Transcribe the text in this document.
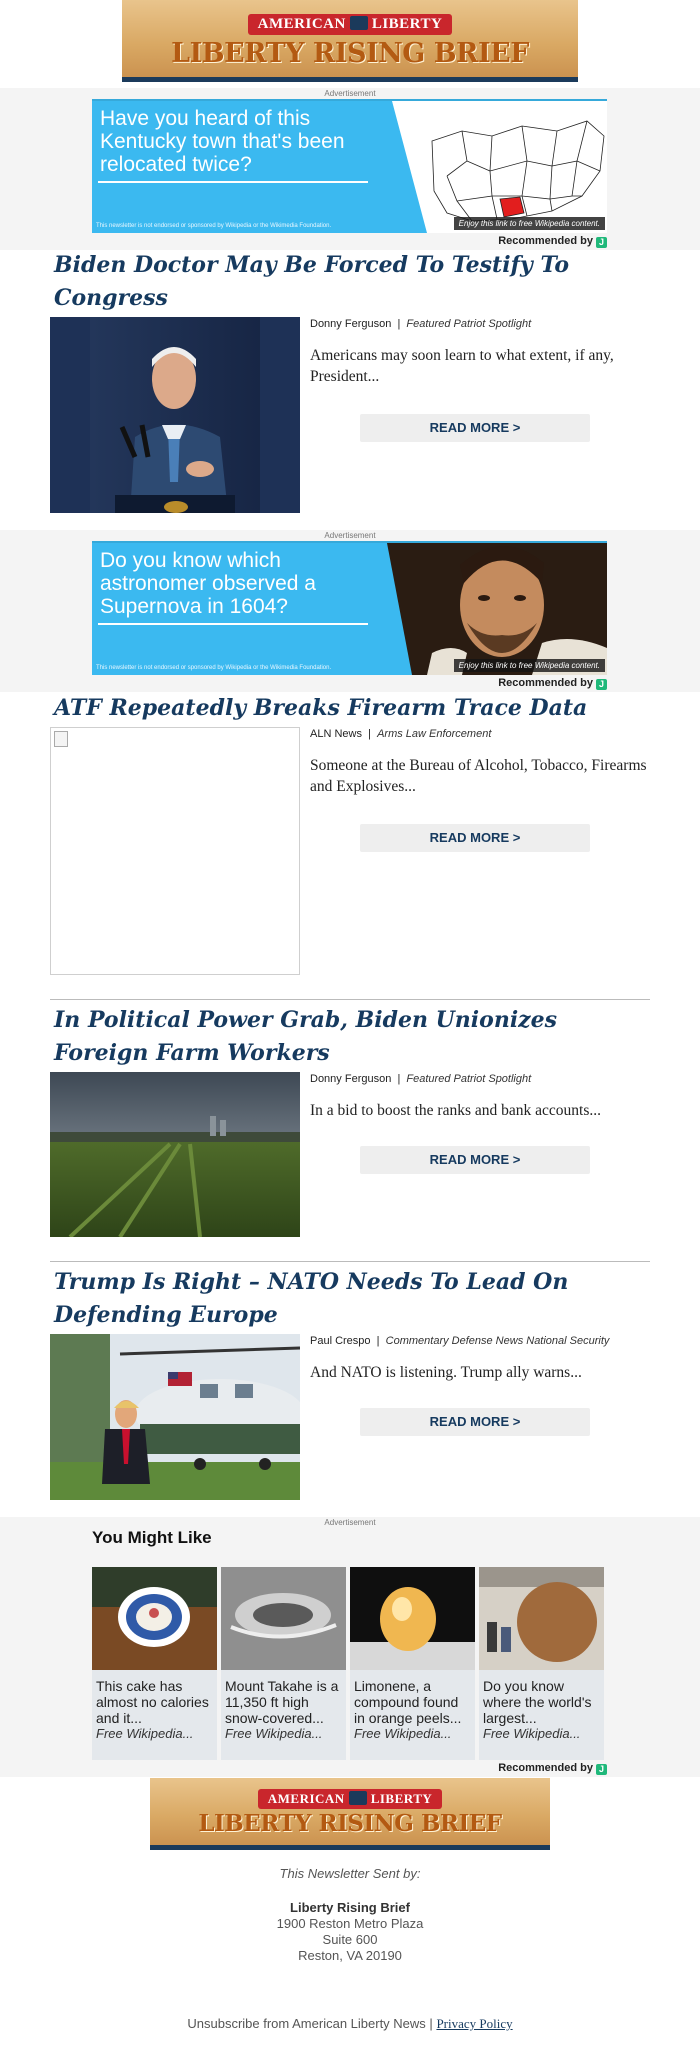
AMERICAN LIBERTY
LIBERTY RISING BRIEF
Advertisement
Have you heard of this Kentucky town that's been relocated twice?
This newsletter is not endorsed or sponsored by Wikipedia or the Wikimedia Foundation.	Enjoy this link to free Wikipedia content.
Recommended by J
Biden Doctor May Be Forced To Testify To Congress
Donny Ferguson  |  Featured Patriot Spotlight
Americans may soon learn to what extent, if any, President...
READ MORE >
Advertisement
Do you know which astronomer observed a Supernova in 1604?
This newsletter is not endorsed or sponsored by Wikipedia or the Wikimedia Foundation.	Enjoy this link to free Wikipedia content.
Recommended by J
ATF Repeatedly Breaks Firearm Trace Data
ALN News  |  Arms Law Enforcement
Someone at the Bureau of Alcohol, Tobacco, Firearms and Explosives...
READ MORE >
In Political Power Grab, Biden Unionizes Foreign Farm Workers
Donny Ferguson  |  Featured Patriot Spotlight
In a bid to boost the ranks and bank accounts...
READ MORE >
Trump Is Right – NATO Needs To Lead On Defending Europe
Paul Crespo  |  Commentary Defense News National Security
And NATO is listening. Trump ally warns...
READ MORE >
Advertisement
You Might Like
This cake has almost no calories and it...
Free Wikipedia...
Mount Takahe is a 11,350 ft high snow-covered...
Free Wikipedia...
Limonene, a compound found in orange peels...
Free Wikipedia...
Do you know where the world's largest...
Free Wikipedia...
Recommended by J
AMERICAN LIBERTY
LIBERTY RISING BRIEF
This Newsletter Sent by:
Liberty Rising Brief
1900 Reston Metro Plaza
Suite 600
Reston, VA 20190
Unsubscribe from American Liberty News | Privacy Policy
